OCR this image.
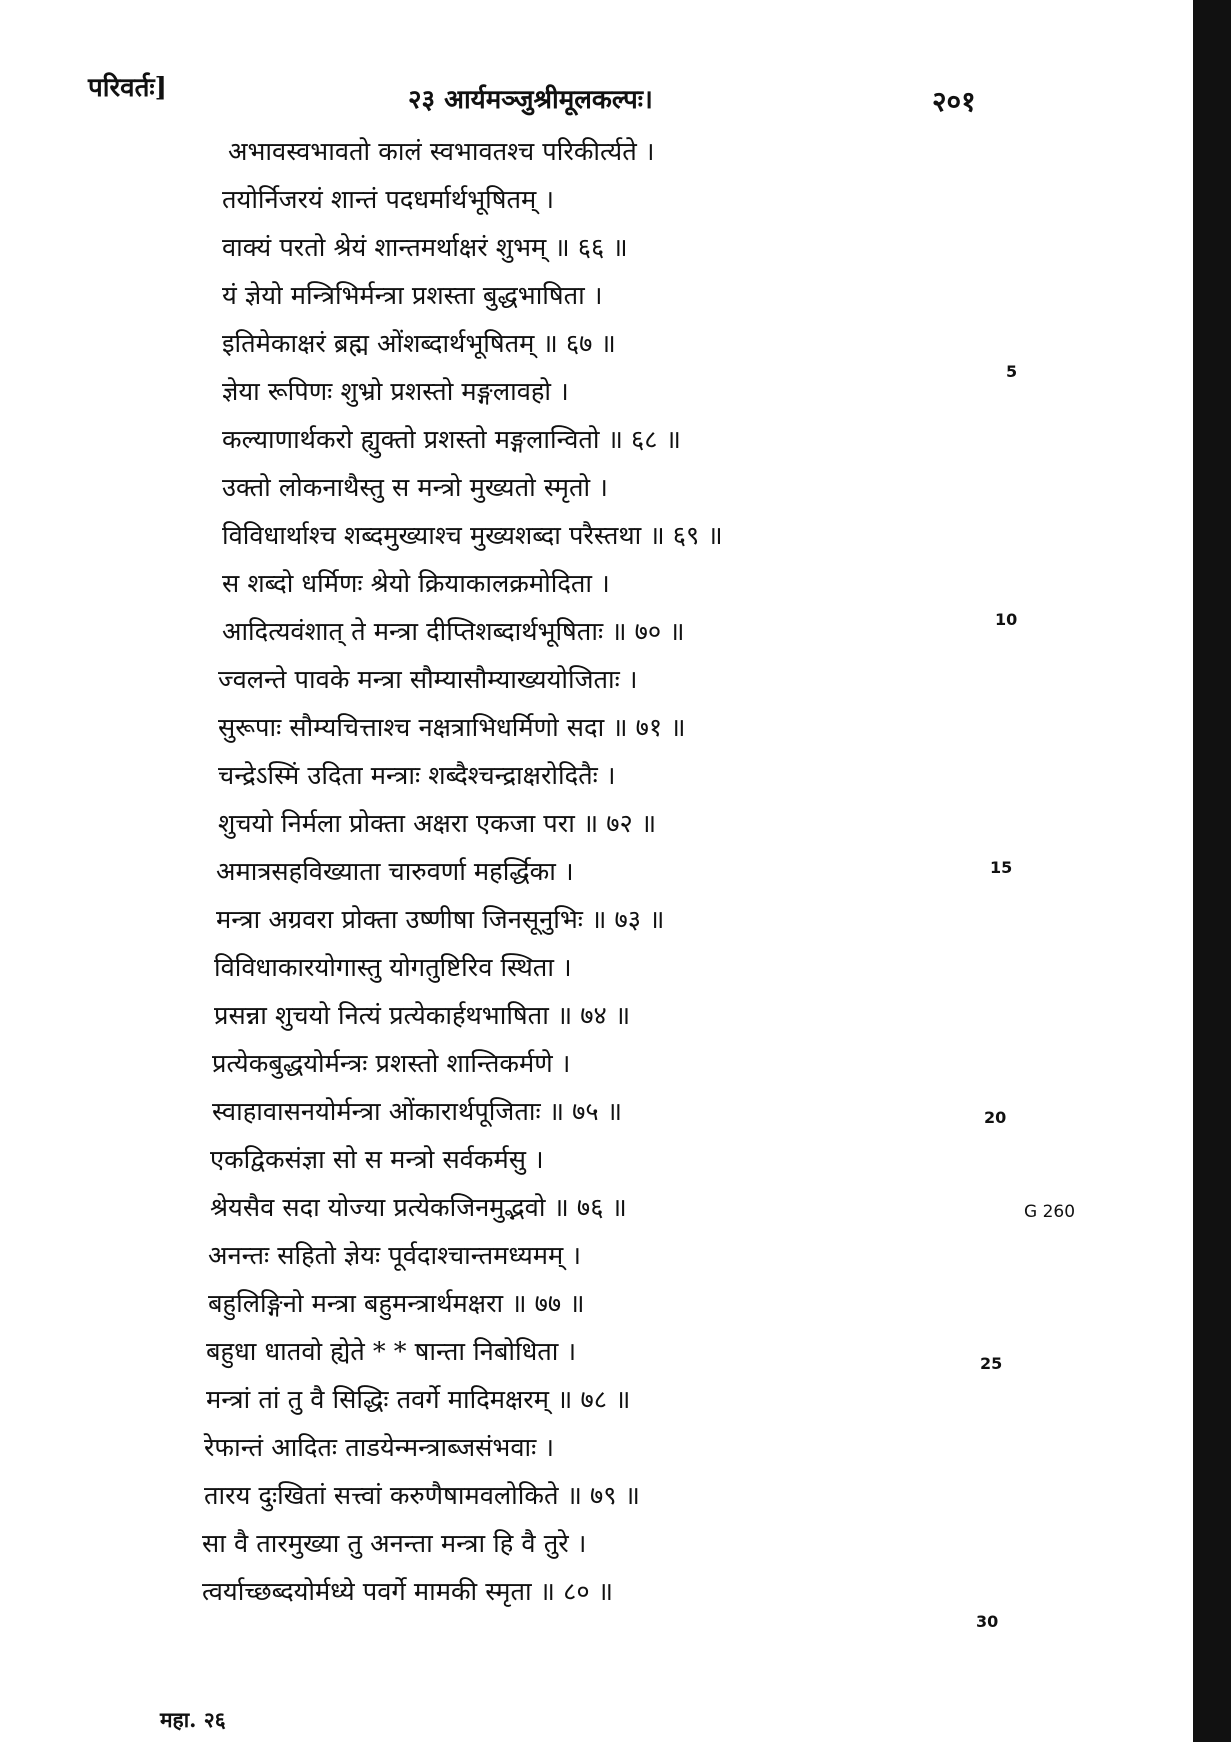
परिवर्तः]	२३ आर्यमञ्जुश्रीमूलकल्पः।	२०१
अभावस्वभावतो कालं स्वभावतश्च परिकीर्त्यते ।
तयोर्निजरयं शान्तं पदधर्मार्थभूषितम् ।
वाक्यं परतो श्रेयं शान्तमर्थाक्षरं शुभम् ॥ ६६ ॥
यं ज्ञेयो मन्त्रिभिर्मन्त्रा प्रशस्ता बुद्धभाषिता ।
इतिमेकाक्षरं ब्रह्म ओंशब्दार्थभूषितम् ॥ ६७ ॥
ज्ञेया रूपिणः शुभ्रो प्रशस्तो मङ्गलावहो ।
कल्याणार्थकरो ह्युक्तो प्रशस्तो मङ्गलान्वितो ॥ ६८ ॥
उक्तो लोकनाथैस्तु स मन्त्रो मुख्यतो स्मृतो ।
विविधार्थाश्च शब्दमुख्याश्च मुख्यशब्दा परैस्तथा ॥ ६९ ॥
स शब्दो धर्मिणः श्रेयो क्रियाकालक्रमोदिता ।
आदित्यवंशात् ते मन्त्रा दीप्तिशब्दार्थभूषिताः ॥ ७० ॥
ज्वलन्ते पावके मन्त्रा सौम्यासौम्याख्ययोजिताः ।
सुरूपाः सौम्यचित्ताश्च नक्षत्राभिधर्मिणो सदा ॥ ७१ ॥
चन्द्रेऽस्मिं उदिता मन्त्राः शब्दैश्चन्द्राक्षरोदितैः ।
शुचयो निर्मला प्रोक्ता अक्षरा एकजा परा ॥ ७२ ॥
अमात्रसहविख्याता चारुवर्णा महर्द्धिका ।
मन्त्रा अग्रवरा प्रोक्ता उष्णीषा जिनसूनुभिः ॥ ७३ ॥
विविधाकारयोगास्तु योगतुष्टिरिव स्थिता ।
प्रसन्ना शुचयो नित्यं प्रत्येकार्हथभाषिता ॥ ७४ ॥
प्रत्येकबुद्धयोर्मन्त्रः प्रशस्तो शान्तिकर्मणे ।
स्वाहावासनयोर्मन्त्रा ओंकारार्थपूजिताः ॥ ७५ ॥
एकद्विकसंज्ञा सो स मन्त्रो सर्वकर्मसु ।
श्रेयसैव सदा योज्या प्रत्येकजिनमुद्भवो ॥ ७६ ॥
अनन्तः सहितो ज्ञेयः पूर्वदाश्चान्तमध्यमम् ।
बहुलिङ्गिनो मन्त्रा बहुमन्त्रार्थमक्षरा ॥ ७७ ॥
बहुधा धातवो ह्येते * * षान्ता निबोधिता ।
मन्त्रां तां तु वै सिद्धिः तवर्गे मादिमक्षरम् ॥ ७८ ॥
रेफान्तं आदितः ताडयेन्मन्त्राब्जसंभवाः ।
तारय दुःखितां सत्त्वां करुणैषामवलोकिते ॥ ७९ ॥
सा वै तारमुख्या तु अनन्ता मन्त्रा हि वै तुरे ।
त्वर्याच्छब्दयोर्मध्ये पवर्गे मामकी स्मृता ॥ ८० ॥
5
10
15
20
25
30
G 260
महा. २६
